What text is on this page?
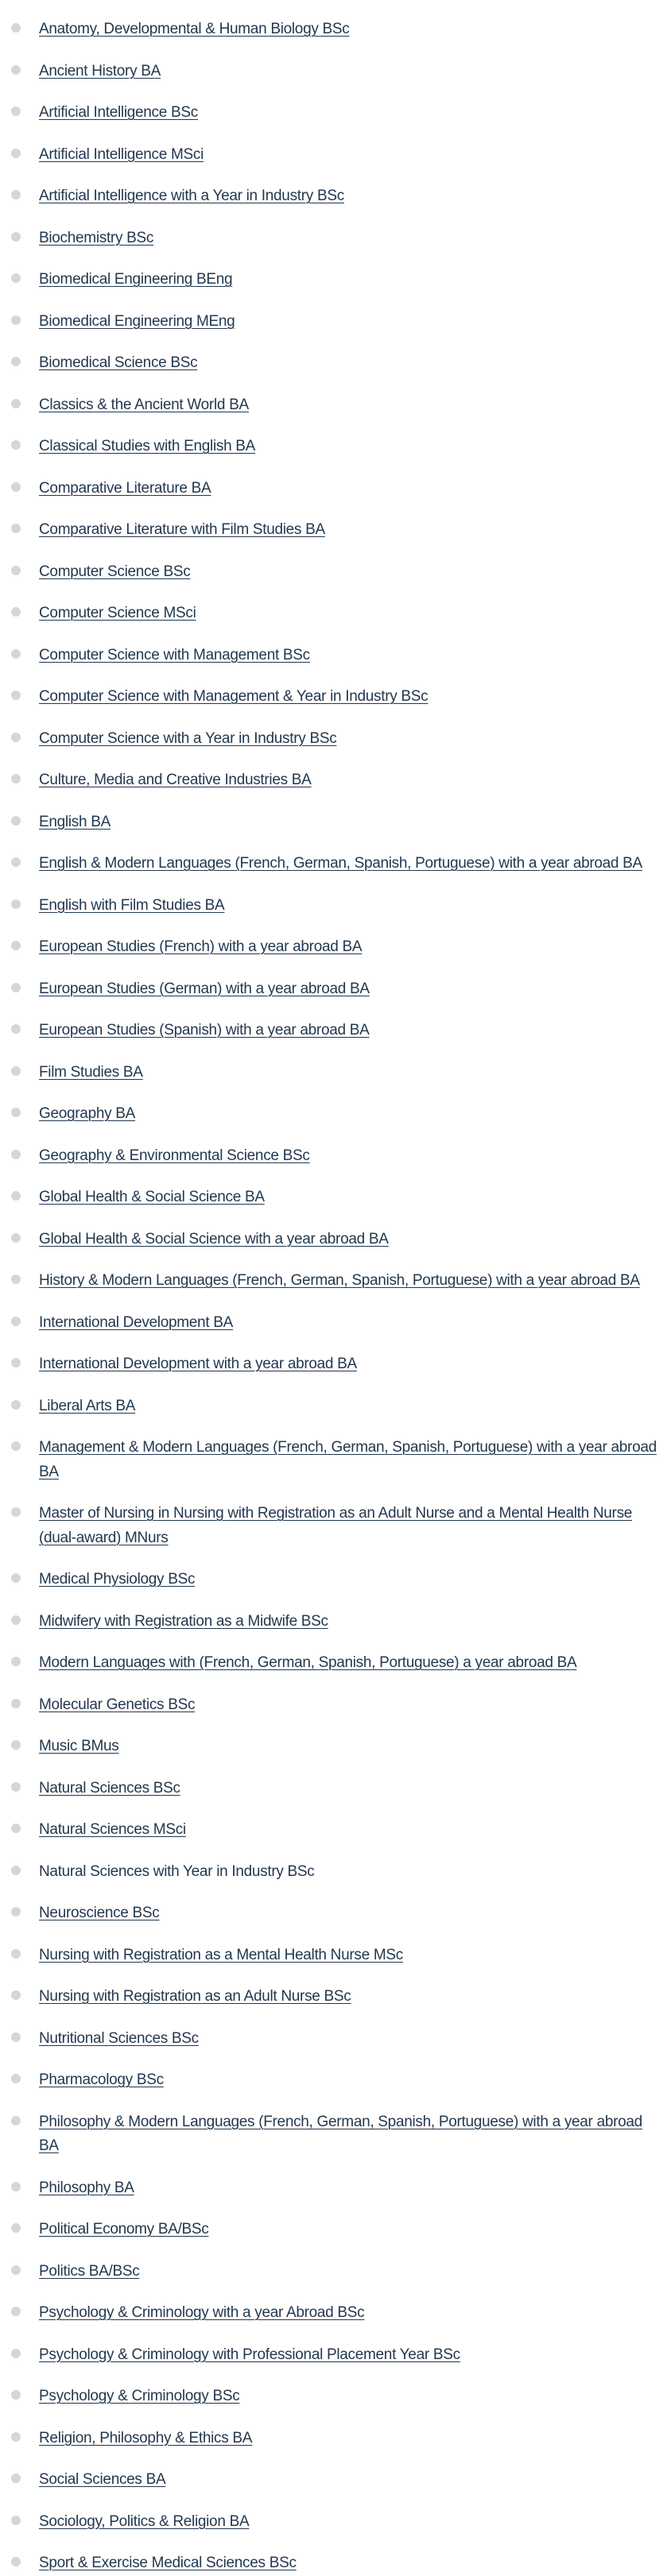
Anatomy, Developmental & Human Biology BSc
Ancient History BA
Artificial Intelligence BSc
Artificial Intelligence MSci
Artificial Intelligence with a Year in Industry BSc
Biochemistry BSc
Biomedical Engineering BEng
Biomedical Engineering MEng
Biomedical Science BSc
Classics & the Ancient World BA
Classical Studies with English BA
Comparative Literature BA
Comparative Literature with Film Studies BA
Computer Science BSc
Computer Science MSci
Computer Science with Management BSc
Computer Science with Management & Year in Industry BSc
Computer Science with a Year in Industry BSc
Culture, Media and Creative Industries BA
English BA
English & Modern Languages (French, German, Spanish, Portuguese) with a year abroad BA
English with Film Studies BA
European Studies (French) with a year abroad BA
European Studies (German) with a year abroad BA
European Studies (Spanish) with a year abroad BA
Film Studies BA
Geography BA
Geography & Environmental Science BSc
Global Health & Social Science BA
Global Health & Social Science with a year abroad BA
History & Modern Languages (French, German, Spanish, Portuguese) with a year abroad BA
International Development BA
International Development with a year abroad BA
Liberal Arts BA
Management & Modern Languages (French, German, Spanish, Portuguese) with a year abroad BA
Master of Nursing in Nursing with Registration as an Adult Nurse and a Mental Health Nurse (dual-award) MNurs
Medical Physiology BSc
Midwifery with Registration as a Midwife BSc
Modern Languages with (French, German, Spanish, Portuguese) a year abroad BA
Molecular Genetics BSc
Music BMus
Natural Sciences BSc
Natural Sciences MSci
Natural Sciences with Year in Industry BSc
Neuroscience BSc
Nursing with Registration as a Mental Health Nurse MSc
Nursing with Registration as an Adult Nurse BSc
Nutritional Sciences BSc
Pharmacology BSc
Philosophy & Modern Languages (French, German, Spanish, Portuguese) with a year abroad BA
Philosophy BA
Political Economy BA/BSc
Politics BA/BSc
Psychology & Criminology with a year Abroad BSc
Psychology & Criminology with Professional Placement Year BSc
Psychology & Criminology BSc
Religion, Philosophy & Ethics BA
Social Sciences BA
Sociology, Politics & Religion BA
Sport & Exercise Medical Sciences BSc
